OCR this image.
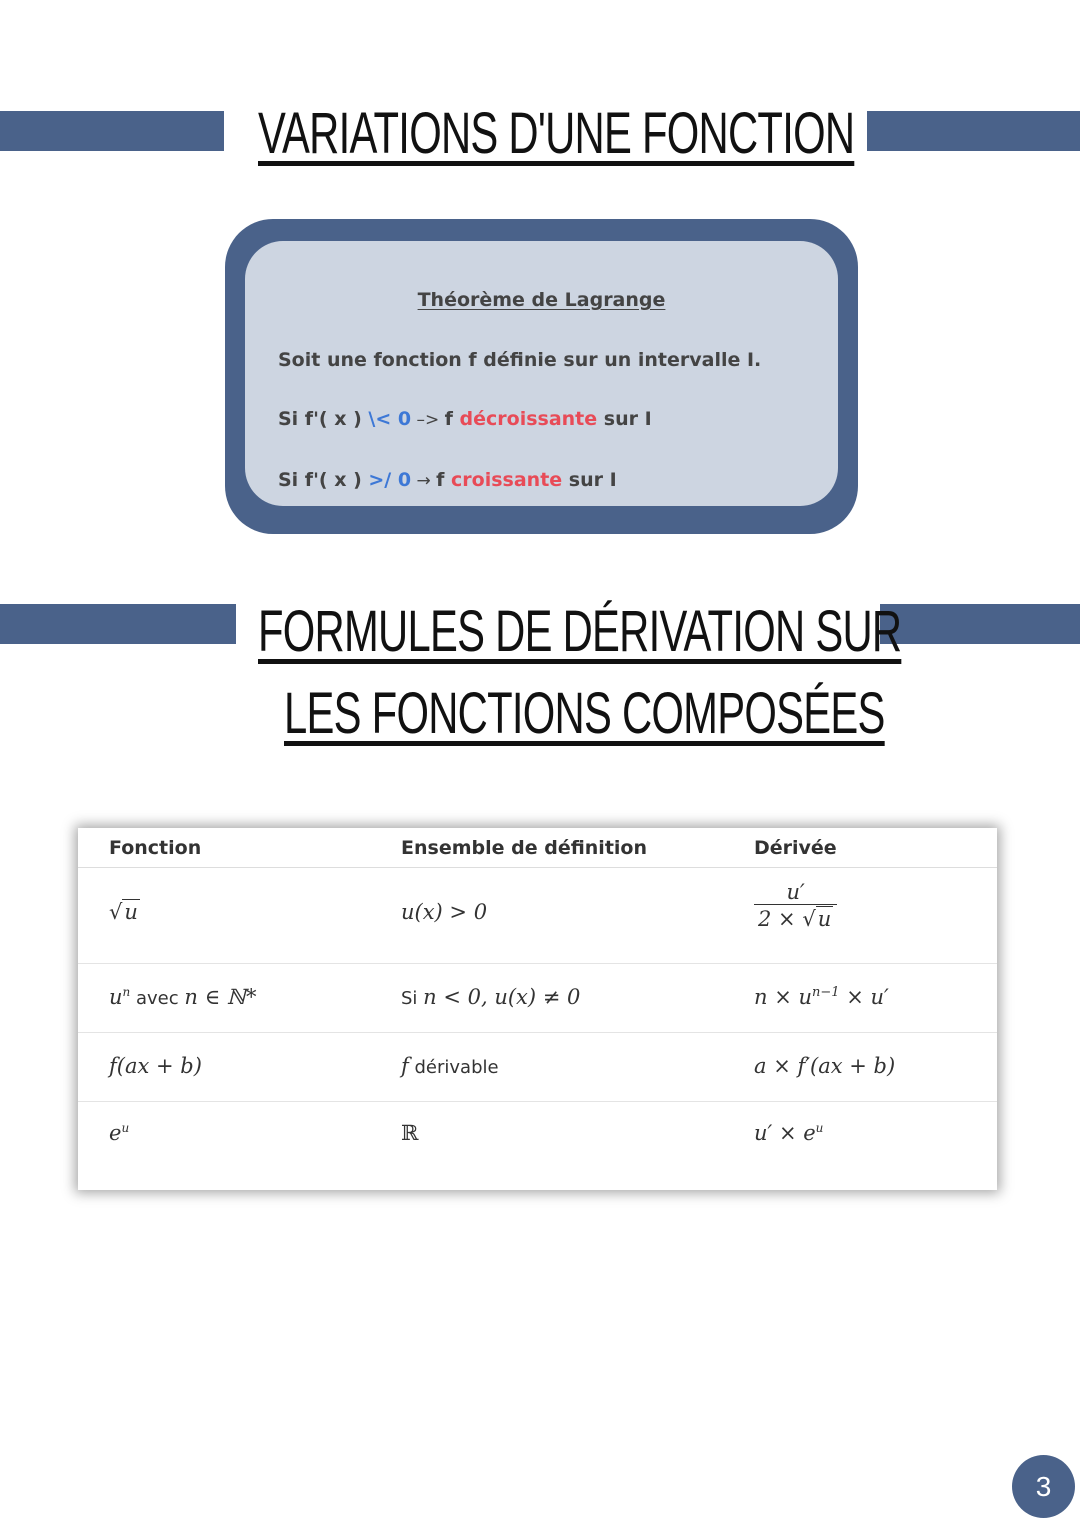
VARIATIONS D'UNE FONCTION
Théorème de Lagrange
Soit une fonction f définie sur un intervalle I.
Si f'( x ) \< 0 –> f décroissante sur I
Si f'( x ) >/ 0 → f croissante sur I
FORMULES DE DÉRIVATION SUR
LES FONCTIONS COMPOSÉES
Fonction	Ensemble de définition	Dérivée
√u	u(x) > 0	$\frac{u'}{2 \times √u}$
$u^n$ avec n ∈ ℕ*	Si n < 0, u(x) ≠ 0	$n \times u^{n-1} \times u'$
f(ax + b)	f dérivable	a × f′(ax + b)
$e^u$	ℝ	$u' \times e^u$
3
